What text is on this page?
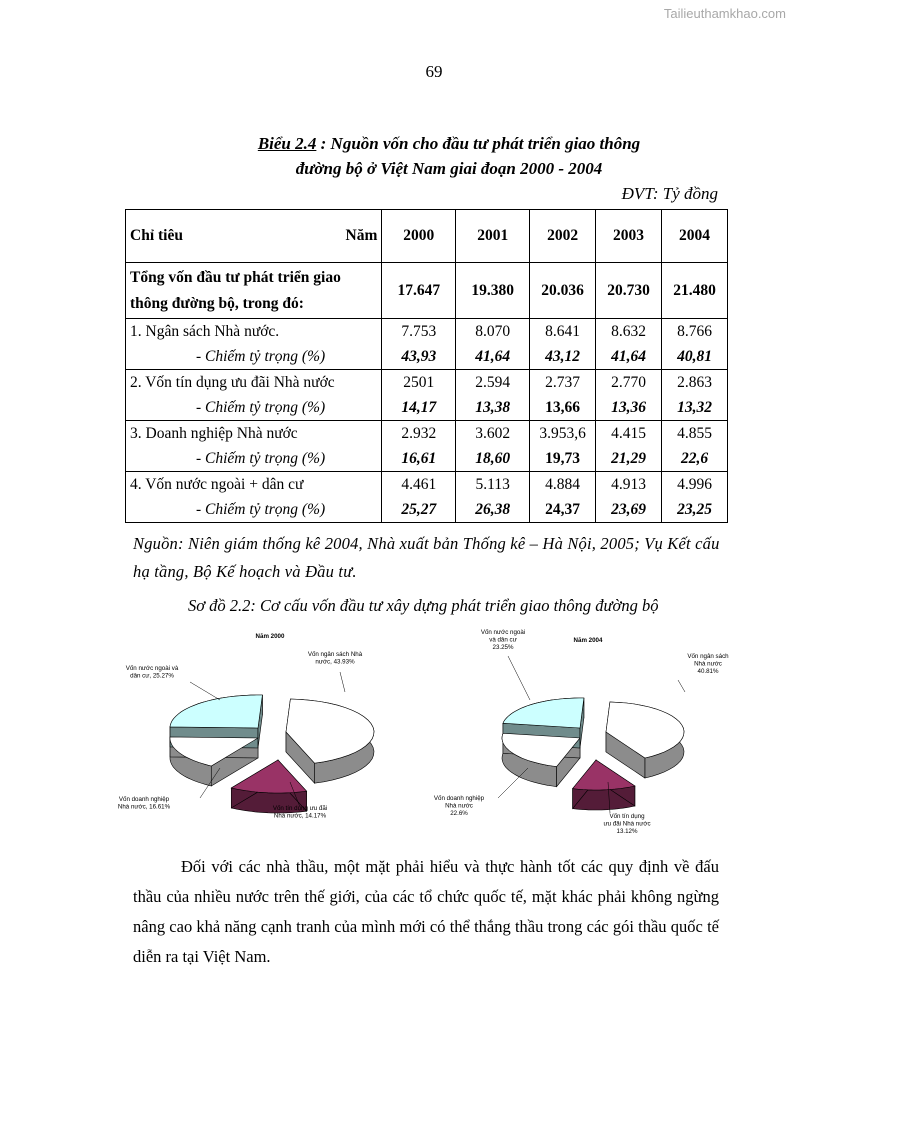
Tailieuthamkhao.com
69
Biểu 2.4 : Nguồn vốn cho đầu tư phát triển giao thông
đường bộ ở Việt Nam giai đoạn 2000 - 2004
ĐVT: Tỷ đồng
Chỉ tiêu Năm	2000	2001	2002	2003	2004
Tổng vốn đầu tư phát triển giao thông đường bộ, trong đó:	17.647	19.380	20.036	20.730	21.480
1. Ngân sách Nhà nước.	7.753	8.070	8.641	8.632	8.766
- Chiếm tỷ trọng (%)	43,93	41,64	43,12	41,64	40,81
2. Vốn tín dụng ưu đãi Nhà nước	2501	2.594	2.737	2.770	2.863
- Chiếm tỷ trọng (%)	14,17	13,38	13,66	13,36	13,32
3. Doanh nghiệp Nhà nước	2.932	3.602	3.953,6	4.415	4.855
- Chiếm tỷ trọng (%)	16,61	18,60	19,73	21,29	22,6
4. Vốn nước ngoài + dân cư	4.461	5.113	4.884	4.913	4.996
- Chiếm tỷ trọng (%)	25,27	26,38	24,37	23,69	23,25
Nguồn: Niên giám thống kê 2004, Nhà xuất bản Thống kê – Hà Nội, 2005; Vụ Kết cấu hạ tầng, Bộ Kế hoạch và Đầu tư.
Sơ đồ 2.2: Cơ cấu vốn đầu tư xây dựng phát triển giao thông đường bộ
Năm 2000
Vốn ngân sách Nhà nước, 43.93%
Vốn tín dụng ưu đãi Nhà nước, 14.17%
Vốn doanh nghiệp Nhà nước, 16.61%
Vốn nước ngoài và dân cư, 25.27%
Năm 2004
Vốn ngân sách Nhà nước 40.81%
Vốn tín dụng ưu đãi Nhà nước 13.12%
Vốn doanh nghiệp Nhà nước 22.6%
Vốn nước ngoài và dân cư 23.25%
Đối với các nhà thầu, một mặt phải hiểu và thực hành tốt các quy định về đấu thầu của nhiều nước trên thế giới, của các tổ chức quốc tế, mặt khác phải không ngừng nâng cao khả năng cạnh tranh của mình mới có thể thắng thầu trong các gói thầu quốc tế diễn ra tại Việt Nam.
